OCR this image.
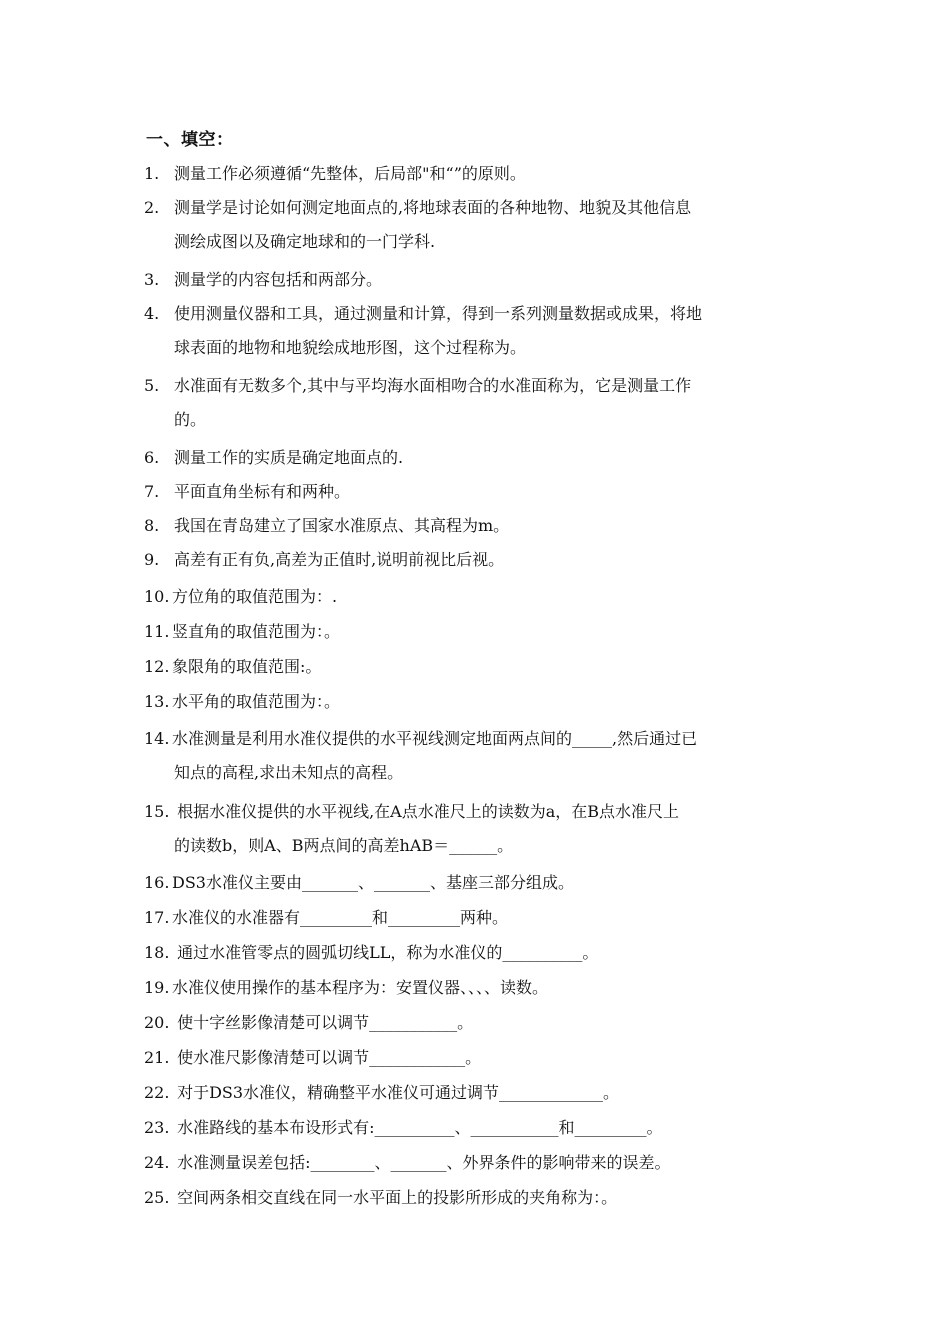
一、填空：
1. 测量工作必须遵循“先整体，后局部"和“”的原则。
2. 测量学是讨论如何测定地面点的,将地球表面的各种地物、地貌及其他信息
测绘成图以及确定地球和的一门学科.
3. 测量学的内容包括和两部分。
4. 使用测量仪器和工具，通过测量和计算，得到一系列测量数据或成果，将地
球表面的地物和地貌绘成地形图，这个过程称为。
5. 水准面有无数多个,其中与平均海水面相吻合的水准面称为，它是测量工作
的。
6. 测量工作的实质是确定地面点的.
7. 平面直角坐标有和两种。
8. 我国在青岛建立了国家水准原点、其高程为m。
9. 高差有正有负,高差为正值时,说明前视比后视。
10. 方位角的取值范围为：.
11. 竖直角的取值范围为：。
12. 象限角的取值范围:。
13. 水平角的取值范围为：。
14. 水准测量是利用水准仪提供的水平视线测定地面两点间的_____,然后通过已
知点的高程,求出未知点的高程。
15. 根据水准仪提供的水平视线,在A点水准尺上的读数为a，在B点水准尺上
的读数b，则A、B两点间的高差hAB＝______。
16. DS3水准仪主要由_______、_______、基座三部分组成。
17. 水准仪的水准器有_________和_________两种。
18. 通过水准管零点的圆弧切线LL，称为水准仪的__________。
19. 水准仪使用操作的基本程序为：安置仪器、、、、读数。
20. 使十字丝影像清楚可以调节___________。
21. 使水准尺影像清楚可以调节____________。
22. 对于DS3水准仪，精确整平水准仪可通过调节_____________。
23. 水准路线的基本布设形式有:__________、___________和_________。
24. 水准测量误差包括:________、_______、外界条件的影响带来的误差。
25. 空间两条相交直线在同一水平面上的投影所形成的夹角称为：。
